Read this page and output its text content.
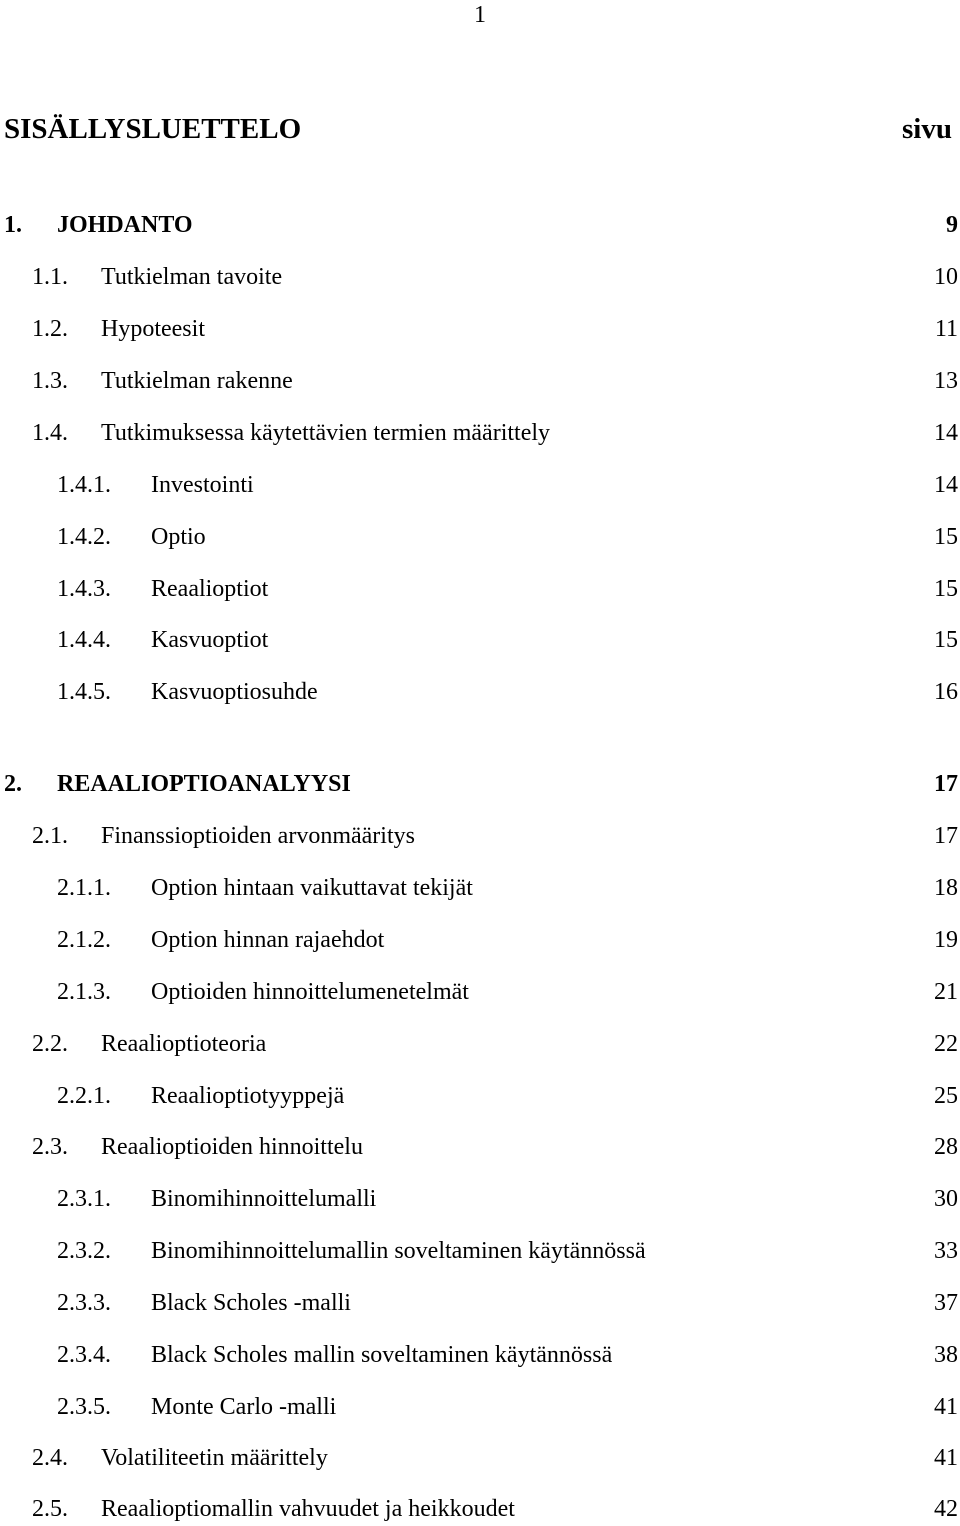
1
SISÄLLYSLUETTELO	sivu
1. JOHDANTO	9
1.1. Tutkielman tavoite	10
1.2. Hypoteesit	11
1.3. Tutkielman rakenne	13
1.4. Tutkimuksessa käytettävien termien määrittely	14
1.4.1. Investointi	14
1.4.2. Optio	15
1.4.3. Reaalioptiot	15
1.4.4. Kasvuoptiot	15
1.4.5. Kasvuoptiosuhde	16
2. REAALIOPTIOANALYYSI	17
2.1. Finanssioptioiden arvonmääritys	17
2.1.1. Option hintaan vaikuttavat tekijät	18
2.1.2. Option hinnan rajaehdot	19
2.1.3. Optioiden hinnoittelumenetelmät	21
2.2. Reaalioptioteoria	22
2.2.1. Reaalioptiotyyppejä	25
2.3. Reaalioptioiden hinnoittelu	28
2.3.1. Binomihinnoittelumalli	30
2.3.2. Binomihinnoittelumallin soveltaminen käytännössä	33
2.3.3. Black Scholes -malli	37
2.3.4. Black Scholes mallin soveltaminen käytännössä	38
2.3.5. Monte Carlo -malli	41
2.4. Volatiliteetin määrittely	41
2.5. Reaalioptiomallin vahvuudet ja heikkoudet	42
